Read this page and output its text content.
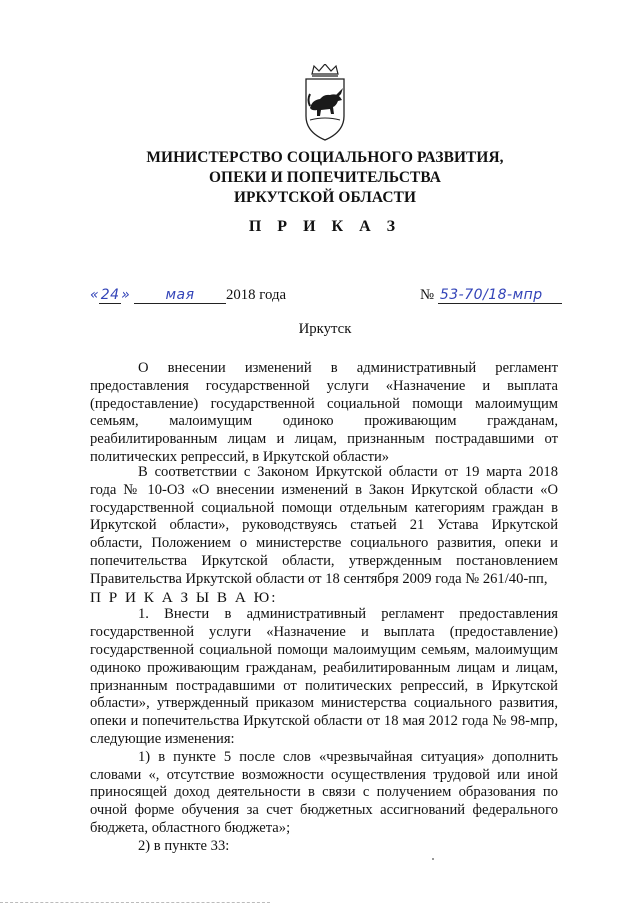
МИНИСТЕРСТВО СОЦИАЛЬНОГО РАЗВИТИЯ,
ОПЕКИ И ПОПЕЧИТЕЛЬСТВА
ИРКУТСКОЙ ОБЛАСТИ
П Р И К А З
« 24 »	мая 2018 года	№ 53-70/18-мпр
Иркутск

О внесении изменений в административный регламент предоставления государственной услуги «Назначение и выплата (предоставление) государственной социальной помощи малоимущим семьям, малоимущим одиноко проживающим гражданам, реабилитированным лицам и лицам, признанным пострадавшими от политических репрессий, в Иркутской области»

В соответствии с Законом Иркутской области от 19 марта 2018 года № 10-ОЗ «О внесении изменений в Закон Иркутской области «О государственной социальной помощи отдельным категориям граждан в Иркутской области», руководствуясь статьей 21 Устава Иркутской области, Положением о министерстве социального развития, опеки и попечительства Иркутской области, утвержденным постановлением Правительства Иркутской области от 18 сентября 2009 года № 261/40-пп,

П Р И К А З Ы В А Ю:

1. Внести в административный регламент предоставления государственной услуги «Назначение и выплата (предоставление) государственной социальной помощи малоимущим семьям, малоимущим одиноко проживающим гражданам, реабилитированным лицам и лицам, признанным пострадавшими от политических репрессий, в Иркутской области», утвержденный приказом министерства социального развития, опеки и попечительства Иркутской области от 18 мая 2012 года № 98-мпр, следующие изменения:

1) в пункте 5 после слов «чрезвычайная ситуация» дополнить словами «, отсутствие возможности осуществления трудовой или иной приносящей доход деятельности в связи с получением образования по очной форме обучения за счет бюджетных ассигнований федерального бюджета, областного бюджета»;

2) в пункте 33:
